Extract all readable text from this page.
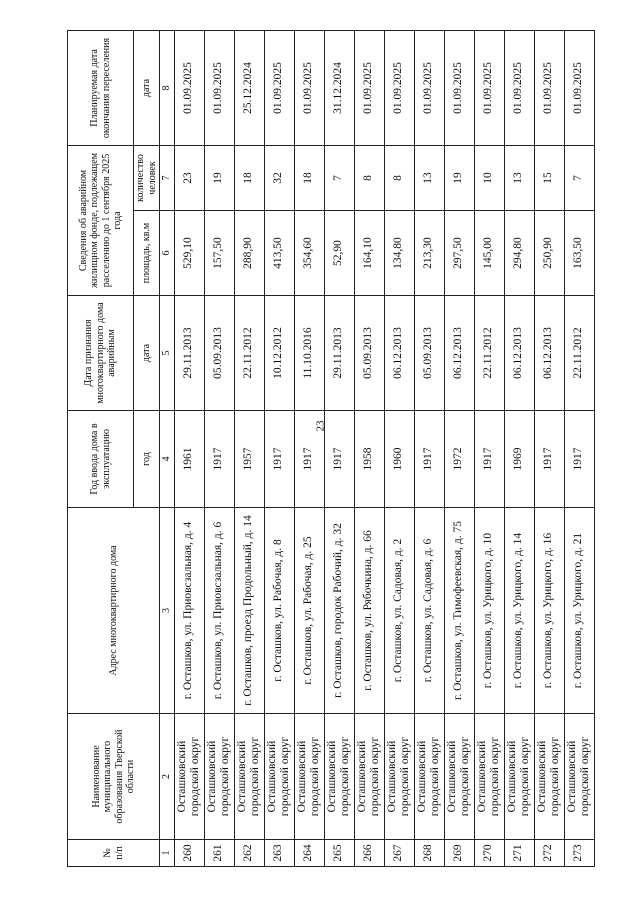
23
№ п/п	Наименование муниципального образования Тверской области	Адрес многоквартирного дома	Год ввода дома в эксплуатацию	Дата признания многоквартирного дома аварийным	Сведения об аварийном жилищном фонде, подлежащем расселению до 1 сентября 2025 года		Планируемая дата окончания переселения
			год	дата	площадь, кв.м	количество человек	дата
1	2	3	4	5	6	7	8
260	Осташковский городской округ	г. Осташков, ул. Приовсзальная, д. 4	1961	29.11.2013	529,10	23	01.09.2025
261	Осташковский городской округ	г. Осташков, ул. Приовсзальная, д. 6	1917	05.09.2013	157,50	19	01.09.2025
262	Осташковский городской округ	г. Осташков, проезд Продольный, д. 14	1957	22.11.2012	288,90	18	25.12.2024
263	Осташковский городской округ	г. Осташков, ул. Рабочая, д. 8	1917	10.12.2012	413,50	32	01.09.2025
264	Осташковский городской округ	г. Осташков, ул. Рабочая, д. 25	1917	11.10.2016	354,60	18	01.09.2025
265	Осташковский городской округ	г. Осташков, городок Рабочий, д. 32	1917	29.11.2013	52,90	7	31.12.2024
266	Осташковский городской округ	г. Осташков, ул. Рябочкина, д. 66	1958	05.09.2013	164,10	8	01.09.2025
267	Осташковский городской округ	г. Осташков, ул. Садовая, д. 2	1960	06.12.2013	134,80	8	01.09.2025
268	Осташковский городской округ	г. Осташков, ул. Садовая, д. 6	1917	05.09.2013	213,30	13	01.09.2025
269	Осташковский городской округ	г. Осташков, ул. Тимофеевская, д. 75	1972	06.12.2013	297,50	19	01.09.2025
270	Осташковский городской округ	г. Осташков, ул. Урицкого, д. 10	1917	22.11.2012	145,00	10	01.09.2025
271	Осташковский городской округ	г. Осташков, ул. Урицкого, д. 14	1969	06.12.2013	294,80	13	01.09.2025
272	Осташковский городской округ	г. Осташков, ул. Урицкого, д. 16	1917	06.12.2013	250,90	15	01.09.2025
273	Осташковский городской округ	г. Осташков, ул. Урицкого, д. 21	1917	22.11.2012	163,50	7	01.09.2025
